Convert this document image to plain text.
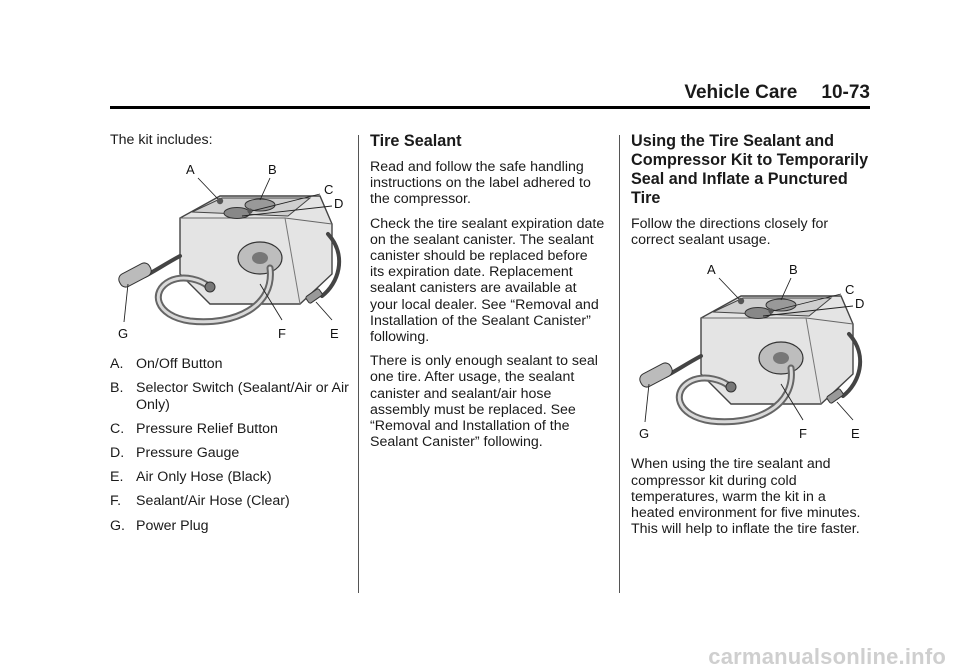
Vehicle Care 10-73

The kit includes:

A	B
C
D
E
F
G
A. On/Off Button
B. Selector Switch (Sealant/Air or Air Only)
C. Pressure Relief Button
D. Pressure Gauge
E. Air Only Hose (Black)
F.	Sealant/Air Hose (Clear)
G. Power Plug
Tire Sealant

Read and follow the safe handling instructions on the label adhered to the compressor.

Check the tire sealant expiration date on the sealant canister. The sealant canister should be replaced before its expiration date. Replacement sealant canisters are available at your local dealer. See “Removal and Installation of the Sealant Canister” following.

There is only enough sealant to seal one tire. After usage, the sealant canister and sealant/air hose assembly must be replaced. See “Removal and Installation of the Sealant Canister” following.

Using the Tire Sealant and Compressor Kit to Temporarily Seal and Inflate a Punctured Tire

Follow the directions closely for correct sealant usage.

A	B
C
D
E
F
G

When using the tire sealant and compressor kit during cold temperatures, warm the kit in a heated environment for five minutes. This will help to inflate the tire faster.

carmanualsonline.info
